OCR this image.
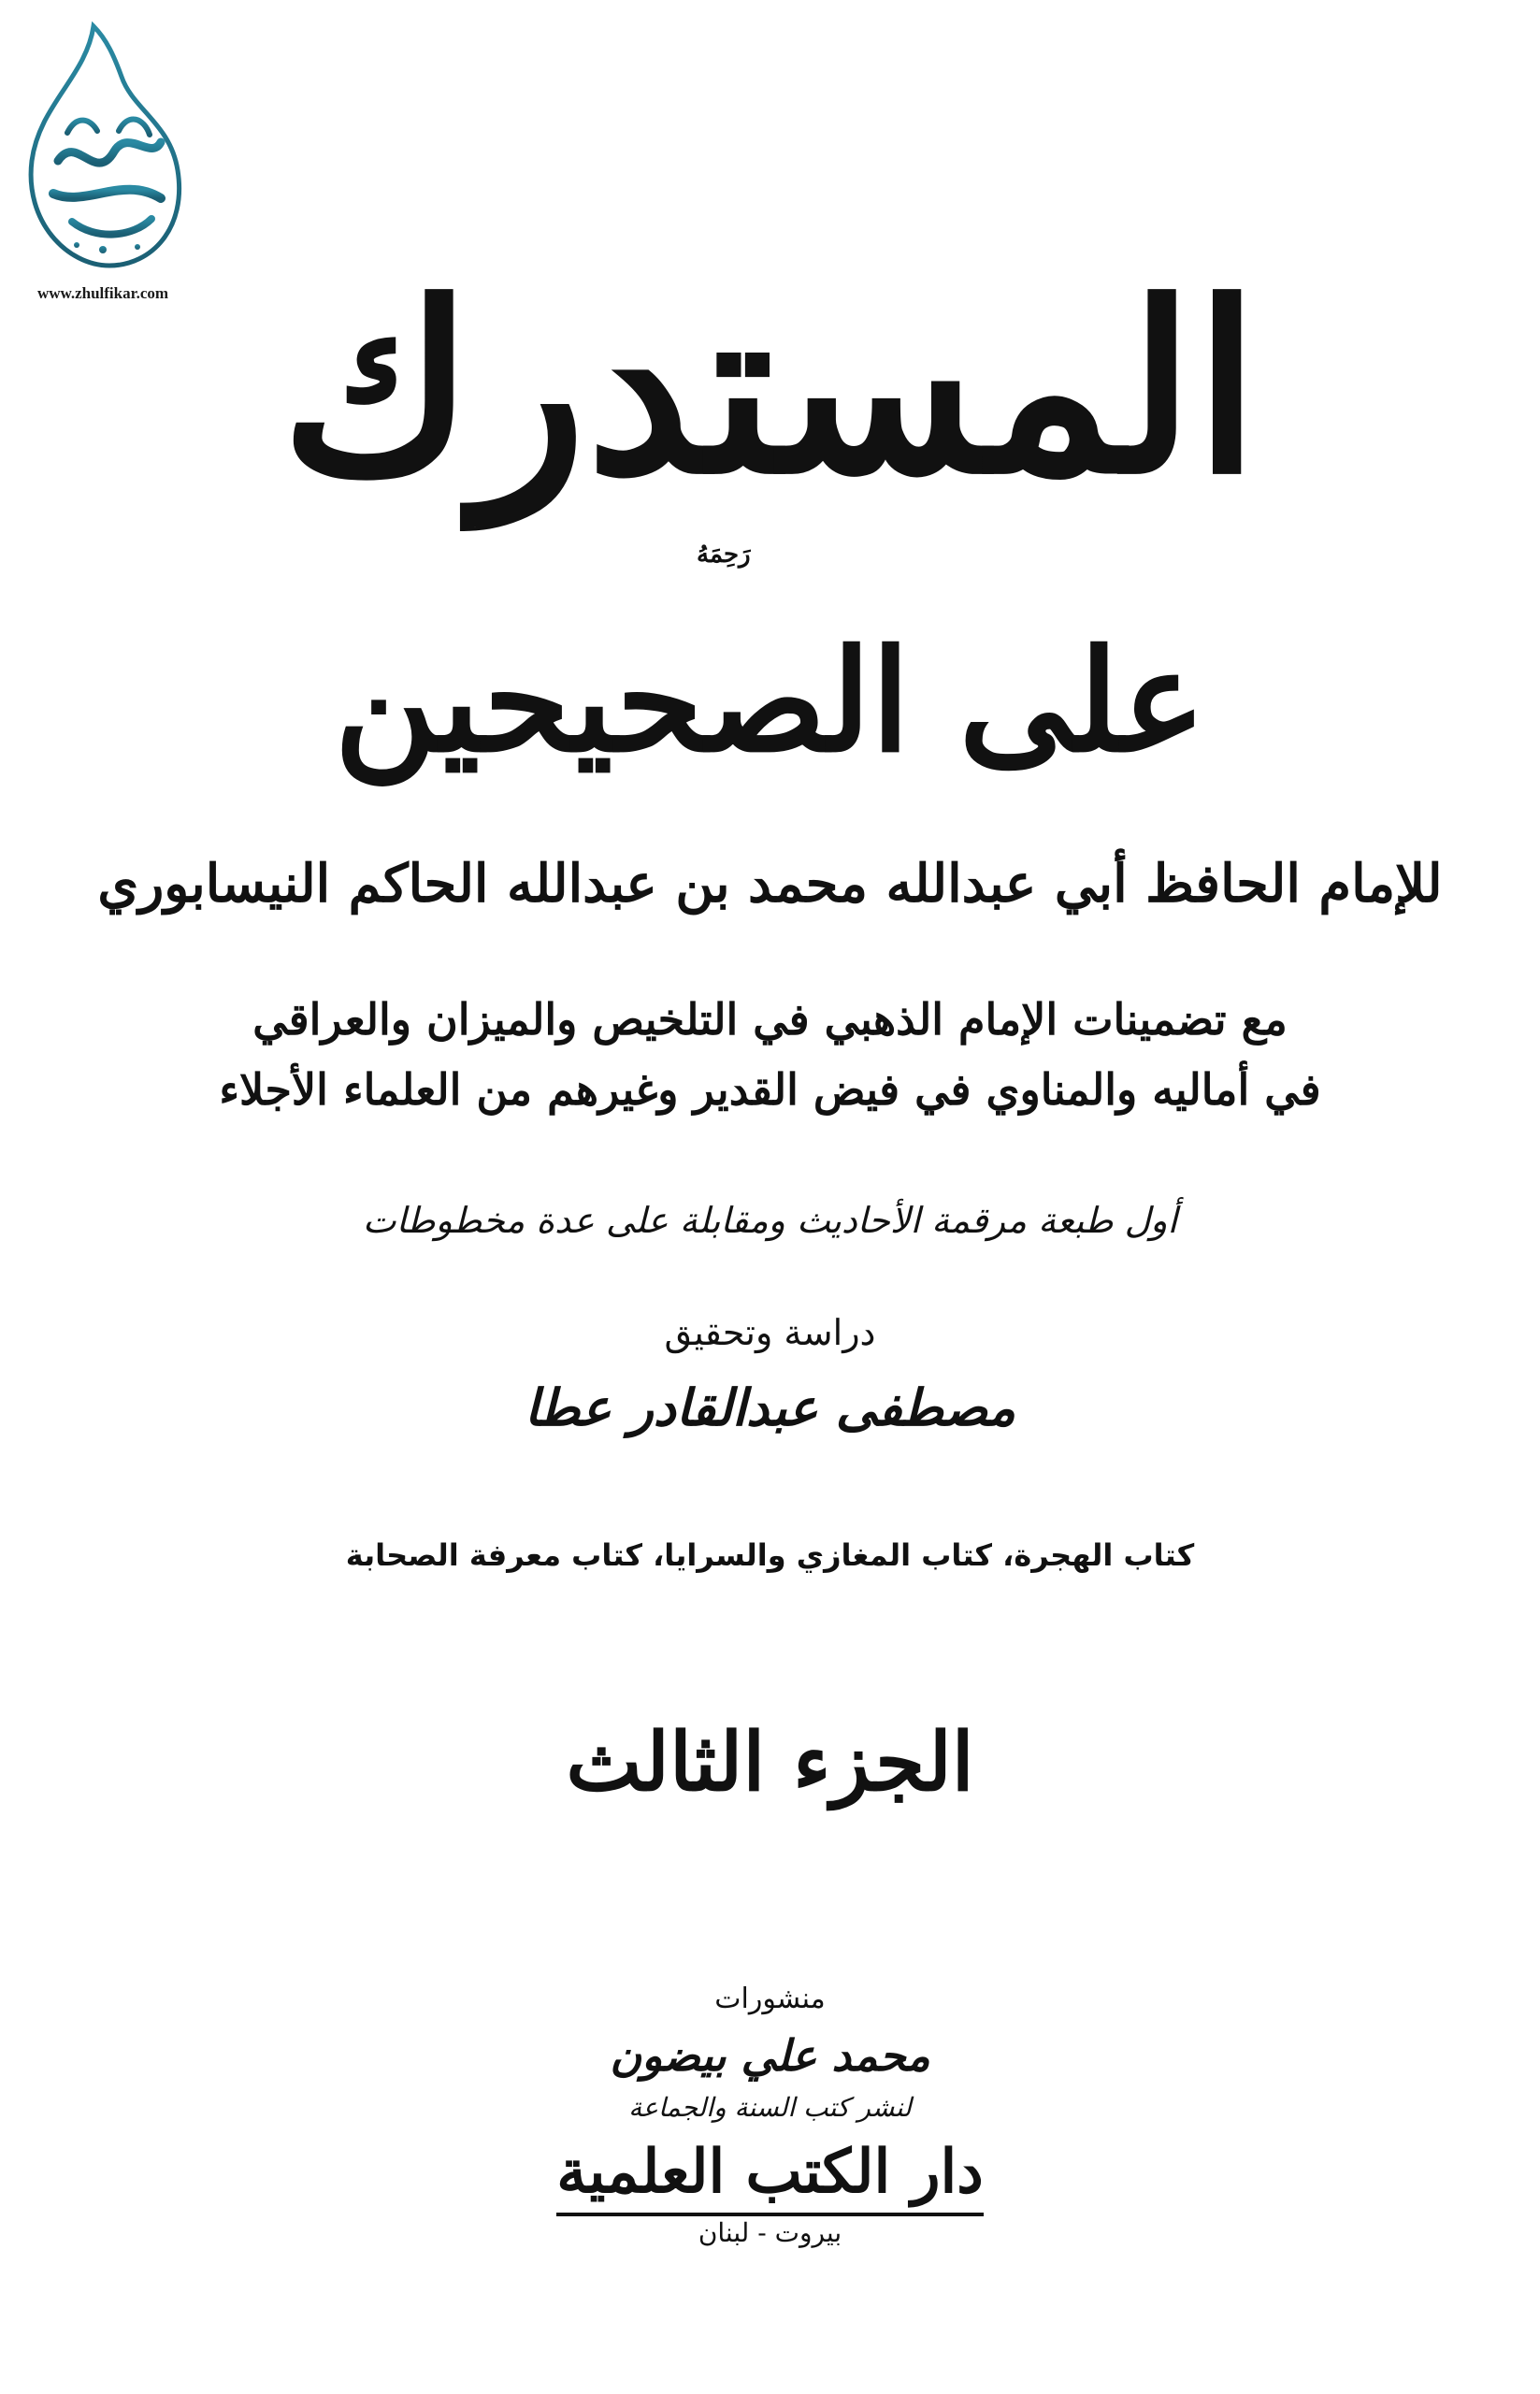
www.zhulfikar.com المستدرك
رَحِمَهُ
على الصحيحين
للإمام الحافظ أبي عبدالله محمد بن عبدالله الحاكم النيسابوري
مع تضمينات الإمام الذهبي في التلخيص والميزان والعراقي
في أماليه والمناوي في فيض القدير وغيرهم من العلماء الأجلاء
أول طبعة مرقمة الأحاديث ومقابلة على عدة مخطوطات
دراسة وتحقيق
مصطفى عبدالقادر عطا
كتاب الهجرة، كتاب المغازي والسرايا، كتاب معرفة الصحابة
الجزء الثالث
منشورات
محمد علي بيضون
لنشر كتب السنة والجماعة
دار الكتب العلمية
بيروت - لبنان
